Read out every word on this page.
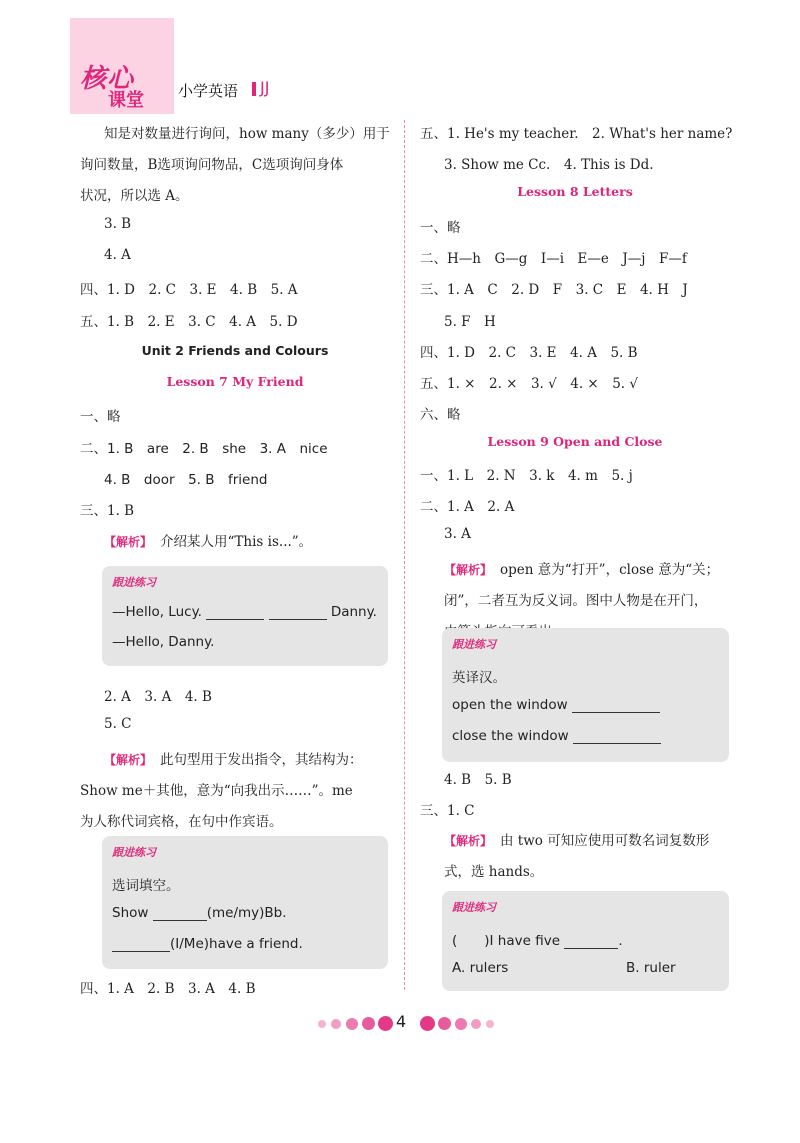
核心
课堂 小学英语 JJ
知是对数量进行询问，how many（多少）用于
询问数量，B选项询问物品，C选项询问身体
状况，所以选 A。
3. B
4. A
四、1. D　2. C　3. E　4. B　5. A
五、1. B　2. E　3. C　4. A　5. D
Unit 2 Friends and Colours
Lesson 7 My Friend
一、略
二、1. B　are　2. B　she　3. A　nice
4. B　door　5. B　friend
三、1. B
【解析】 介绍某人用“This is...”。
跟进练习
—Hello, Lucy.	Danny.
—Hello, Danny.
2. A　3. A　4. B
5. C
【解析】 此句型用于发出指令，其结构为：
Show me＋其他，意为“向我出示……”。me
为人称代词宾格，在句中作宾语。
跟进练习
选词填空。
Show	(me/my)Bb.
(I/Me)have a friend.
四、1. A　2. B　3. A　4. B
五、1. He's my teacher.　2. What's her name?
3. Show me Cc.　4. This is Dd.
Lesson 8 Letters
一、略
二、H—h　G—g　I—i　E—e　J—j　F—f
三、1. A　C　2. D　F　3. C　E　4. H　J
5. F　H
四、1. D　2. C　3. E　4. A　5. B
五、1. ×　2. ×　3. √　4. ×　5. √
六、略
Lesson 9 Open and Close
一、1. L　2. N　3. k　4. m　5. j
二、1. A　2. A
3. A
【解析】 open 意为“打开”，close 意为“关；
闭”，二者互为反义词。图中人物是在开门，
跟进练习
英译汉。
open the window
close the window
4. B　5. B
三、1. C
【解析】 由 two 可知应使用可数名词复数形
式，选 hands。
跟进练习
(　　)I have five	.
A. rulers	B. ruler
4
